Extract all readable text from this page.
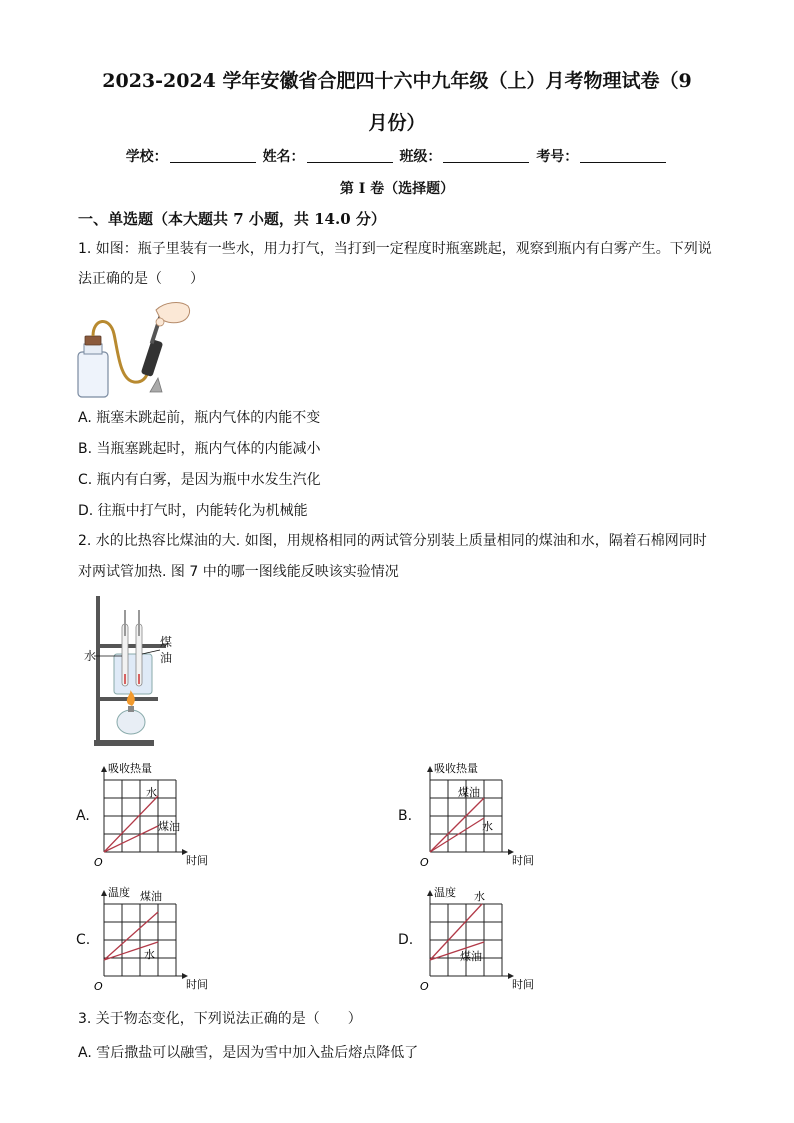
2023-2024 学年安徽省合肥四十六中九年级（上）月考物理试卷（9
月份）
学校：	姓名：	班级：	考号：
第 I 卷（选择题）
一、单选题（本大题共 7 小题，共 14.0 分）
1. 如图：瓶子里装有一些水，用力打气，当打到一定程度时瓶塞跳起，观察到瓶内有白雾产生。下列说
法正确的是（　　）
A. 瓶塞未跳起前，瓶内气体的内能不变
B. 当瓶塞跳起时，瓶内气体的内能减小
C. 瓶内有白雾，是因为瓶中水发生汽化
D. 往瓶中打气时，内能转化为机械能
2. 水的比热容比煤油的大. 如图，用规格相同的两试管分别装上质量相同的煤油和水，隔着石棉网同时
对两试管加热. 图 7 中的哪一图线能反映该实验情况
水
煤
油
A.
吸收热量
时间
O
水
煤油
B.
吸收热量
时间
O
煤油
水
C.
温度
时间
O
煤油
水
D.
温度
时间
O
水
煤油
3. 关于物态变化，下列说法正确的是（　　）
A. 雪后撒盐可以融雪，是因为雪中加入盐后熔点降低了
